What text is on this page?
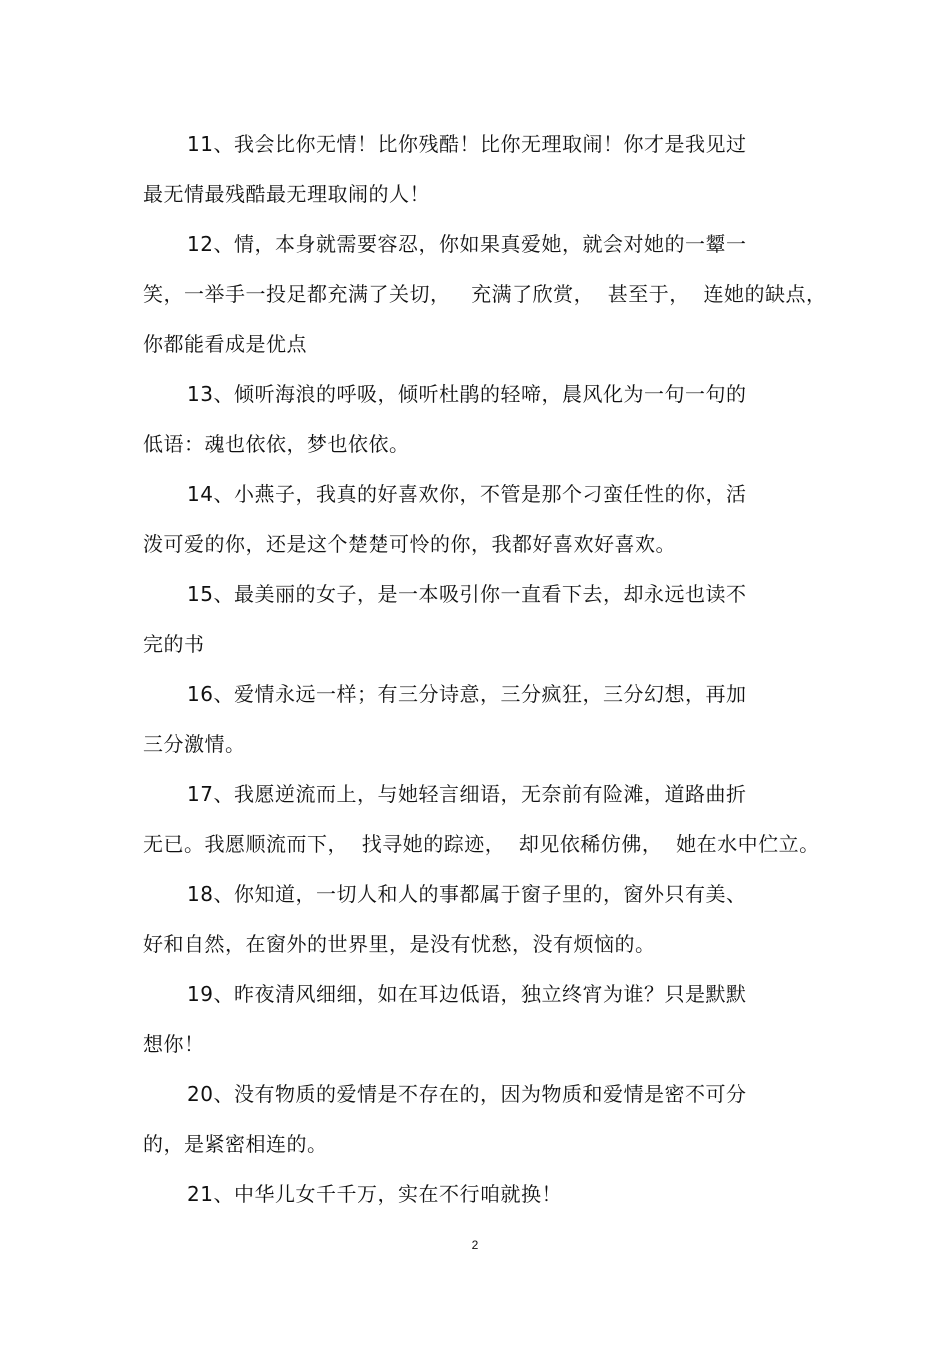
11、我会比你无情！比你残酷！比你无理取闹！你才是我见过
最无情最残酷最无理取闹的人！
12、情，本身就需要容忍，你如果真爱她，就会对她的一颦一
笑，一举手一投足都充满了关切，   充满了欣赏，  甚至于，  连她的缺点，
你都能看成是优点
13、倾听海浪的呼吸，倾听杜鹃的轻啼，晨风化为一句一句的
低语：魂也依依，梦也依依。
14、小燕子，我真的好喜欢你，不管是那个刁蛮任性的你，活
泼可爱的你，还是这个楚楚可怜的你，我都好喜欢好喜欢。
15、最美丽的女子，是一本吸引你一直看下去，却永远也读不
完的书
16、爱情永远一样；有三分诗意，三分疯狂，三分幻想，再加
三分激情。
17、我愿逆流而上，与她轻言细语，无奈前有险滩，道路曲折
无已。我愿顺流而下，  找寻她的踪迹，  却见依稀仿佛，  她在水中伫立。
18、你知道，一切人和人的事都属于窗子里的，窗外只有美、
好和自然，在窗外的世界里，是没有忧愁，没有烦恼的。
19、昨夜清风细细，如在耳边低语，独立终宵为谁？只是默默
想你！
20、没有物质的爱情是不存在的，因为物质和爱情是密不可分
的，是紧密相连的。
21、中华儿女千千万，实在不行咱就换！
2
